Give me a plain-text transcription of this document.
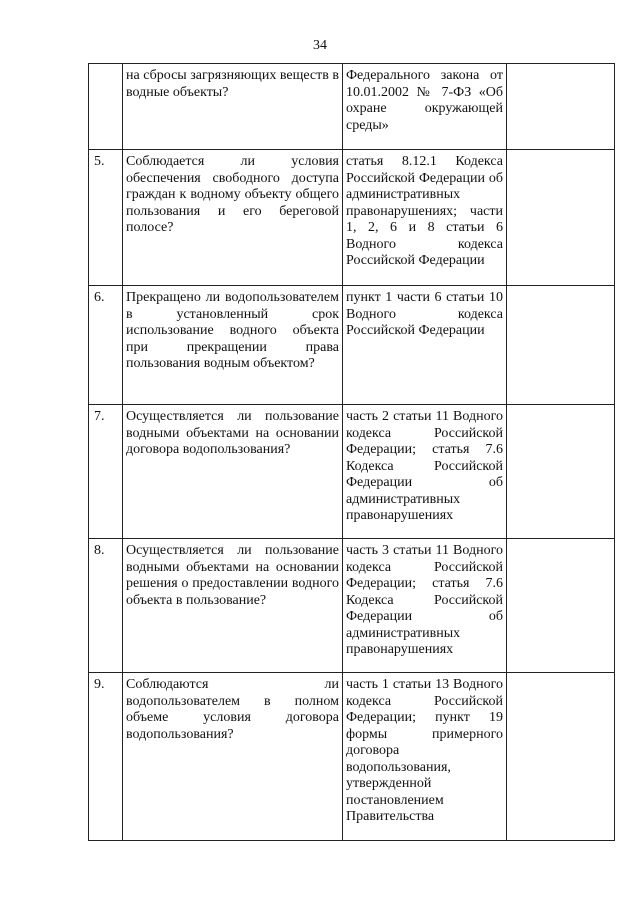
34
	на сбросы загрязняющих веществ в водные объекты?	Федерального закона от 10.01.2002 № 7-ФЗ «Об охране окружающей среды»	
5.	Соблюдается ли условия обеспечения свободного доступа граждан к водному объекту общего пользования и его береговой полосе?	статья 8.12.1 Кодекса Российской Федерации об административных правонарушениях; части 1, 2, 6 и 8 статьи 6 Водного кодекса Российской Федерации	
6.	Прекращено ли водопользователем в установленный срок использование водного объекта при прекращении права пользования водным объектом?	пункт 1 части 6 статьи 10 Водного кодекса Российской Федерации	
7.	Осуществляется ли пользование водными объектами на основании договора водопользования?	часть 2 статьи 11 Водного кодекса Российской Федерации; статья 7.6 Кодекса Российской Федерации об административных правонарушениях	
8.	Осуществляется ли пользование водными объектами на основании решения о предоставлении водного объекта в пользование?	часть 3 статьи 11 Водного кодекса Российской Федерации; статья 7.6 Кодекса Российской Федерации об административных правонарушениях	
9.	Соблюдаются ли водопользователем в полном объеме условия договора водопользования?	часть 1 статьи 13 Водного кодекса Российской Федерации; пункт 19 формы примерного договора водопользования, утвержденной постановлением Правительства	
